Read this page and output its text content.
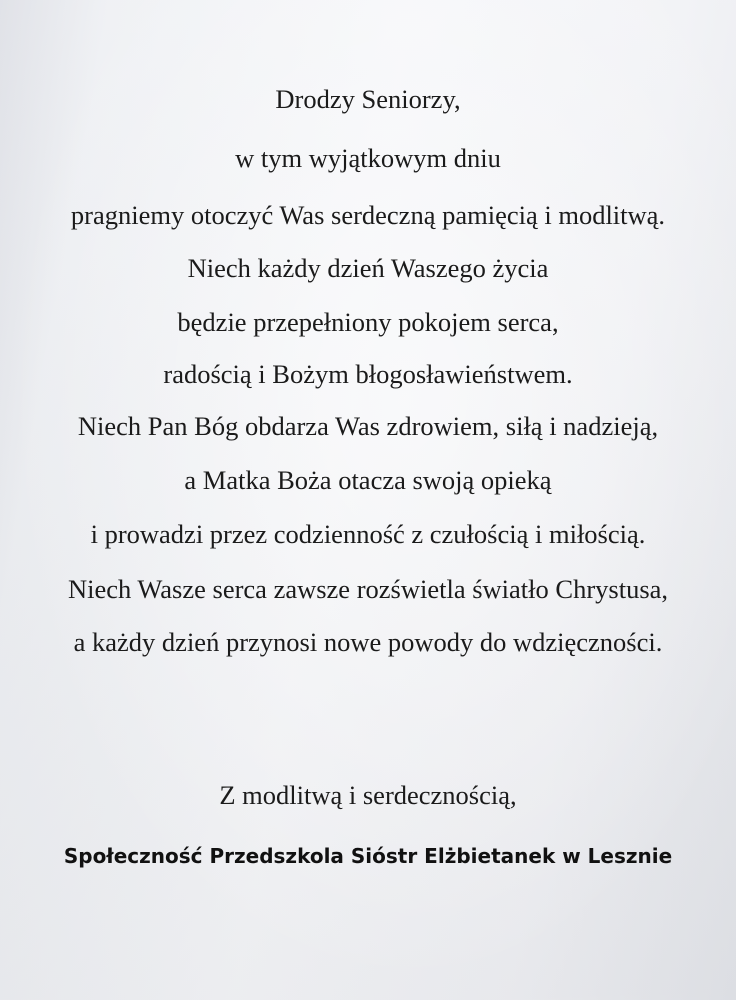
Drodzy Seniorzy,
w tym wyjątkowym dniu
pragniemy otoczyć Was serdeczną pamięcią i modlitwą.
Niech każdy dzień Waszego życia
będzie przepełniony pokojem serca,
radością i Bożym błogosławieństwem.
Niech Pan Bóg obdarza Was zdrowiem, siłą i nadzieją,
a Matka Boża otacza swoją opieką
i prowadzi przez codzienność z czułością i miłością.
Niech Wasze serca zawsze rozświetla światło Chrystusa,
a każdy dzień przynosi nowe powody do wdzięczności.
Z modlitwą i serdecznością,
Społeczność Przedszkola Sióstr Elżbietanek w Lesznie
